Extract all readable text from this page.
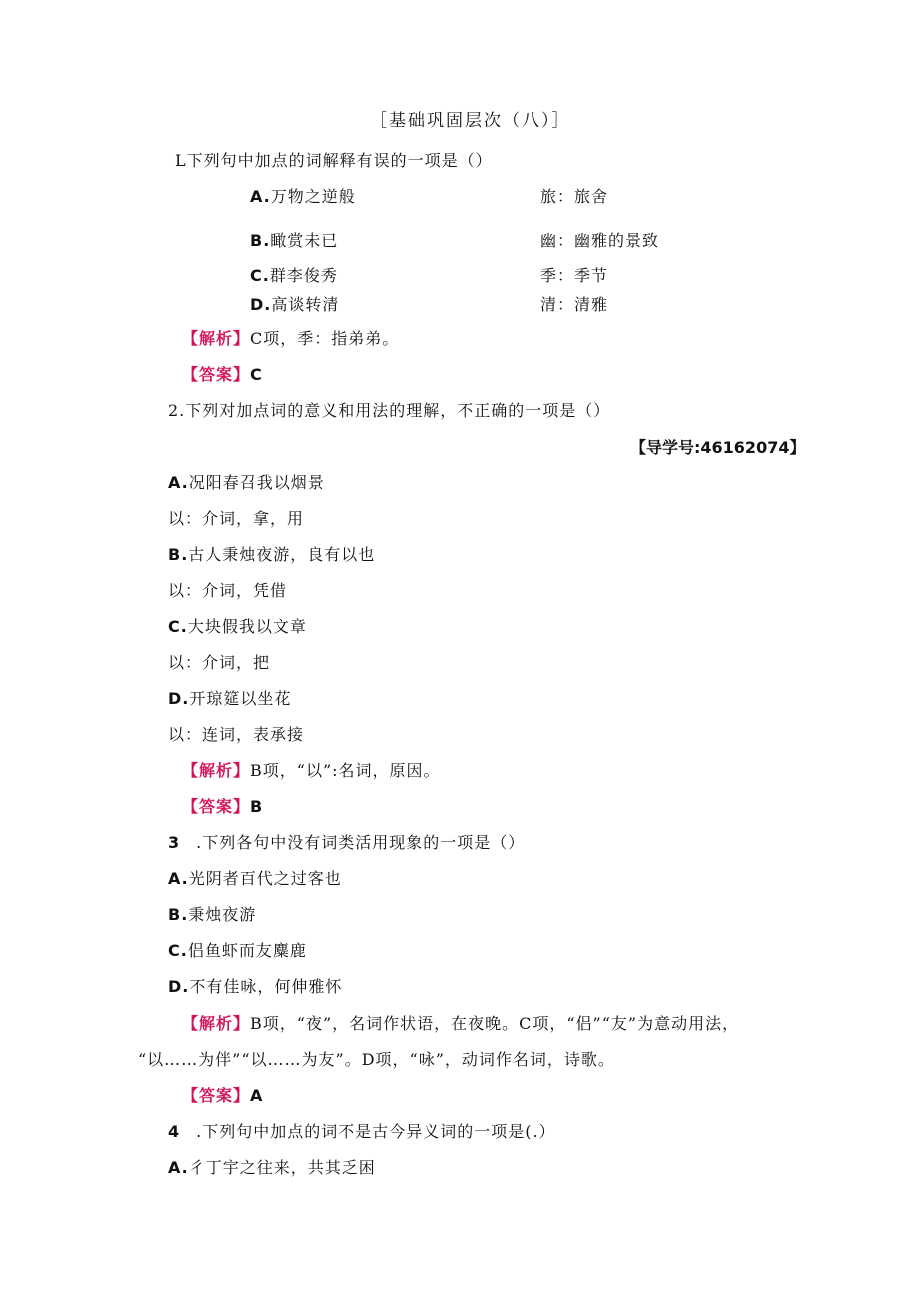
［基础巩固层次（八）］
L下列句中加点的词解释有误的一项是（）
A.万物之逆般	旅：旅舍
B.瞰赏未已	幽：幽雅的景致
C.群李俊秀	季：季节
D.高谈转清	清：清雅
【解析】C项，季：指弟弟。
【答案】C
2.下列对加点词的意义和用法的理解，不正确的一项是（）
【导学号:46162074】
A.况阳春召我以烟景
以：介词，拿，用
B.古人秉烛夜游，良有以也
以：介词，凭借
C.大块假我以文章
以：介词，把
D.开琼筵以坐花
以：连词，表承接
【解析】B项，“以”:名词，原因。
【答案】B
3 .下列各句中没有词类活用现象的一项是（）
A.光阴者百代之过客也
B.秉烛夜游
C.侣鱼虾而友麋鹿
D.不有佳咏，何伸雅怀
【解析】B项，“夜”，名词作状语，在夜晚。C项，“侣”“友”为意动用法，
“以……为伴”“以……为友”。D项，“咏”，动词作名词，诗歌。
【答案】A
4 .下列句中加点的词不是古今异义词的一项是(.）
A.彳丁宇之往来，共其乏困
